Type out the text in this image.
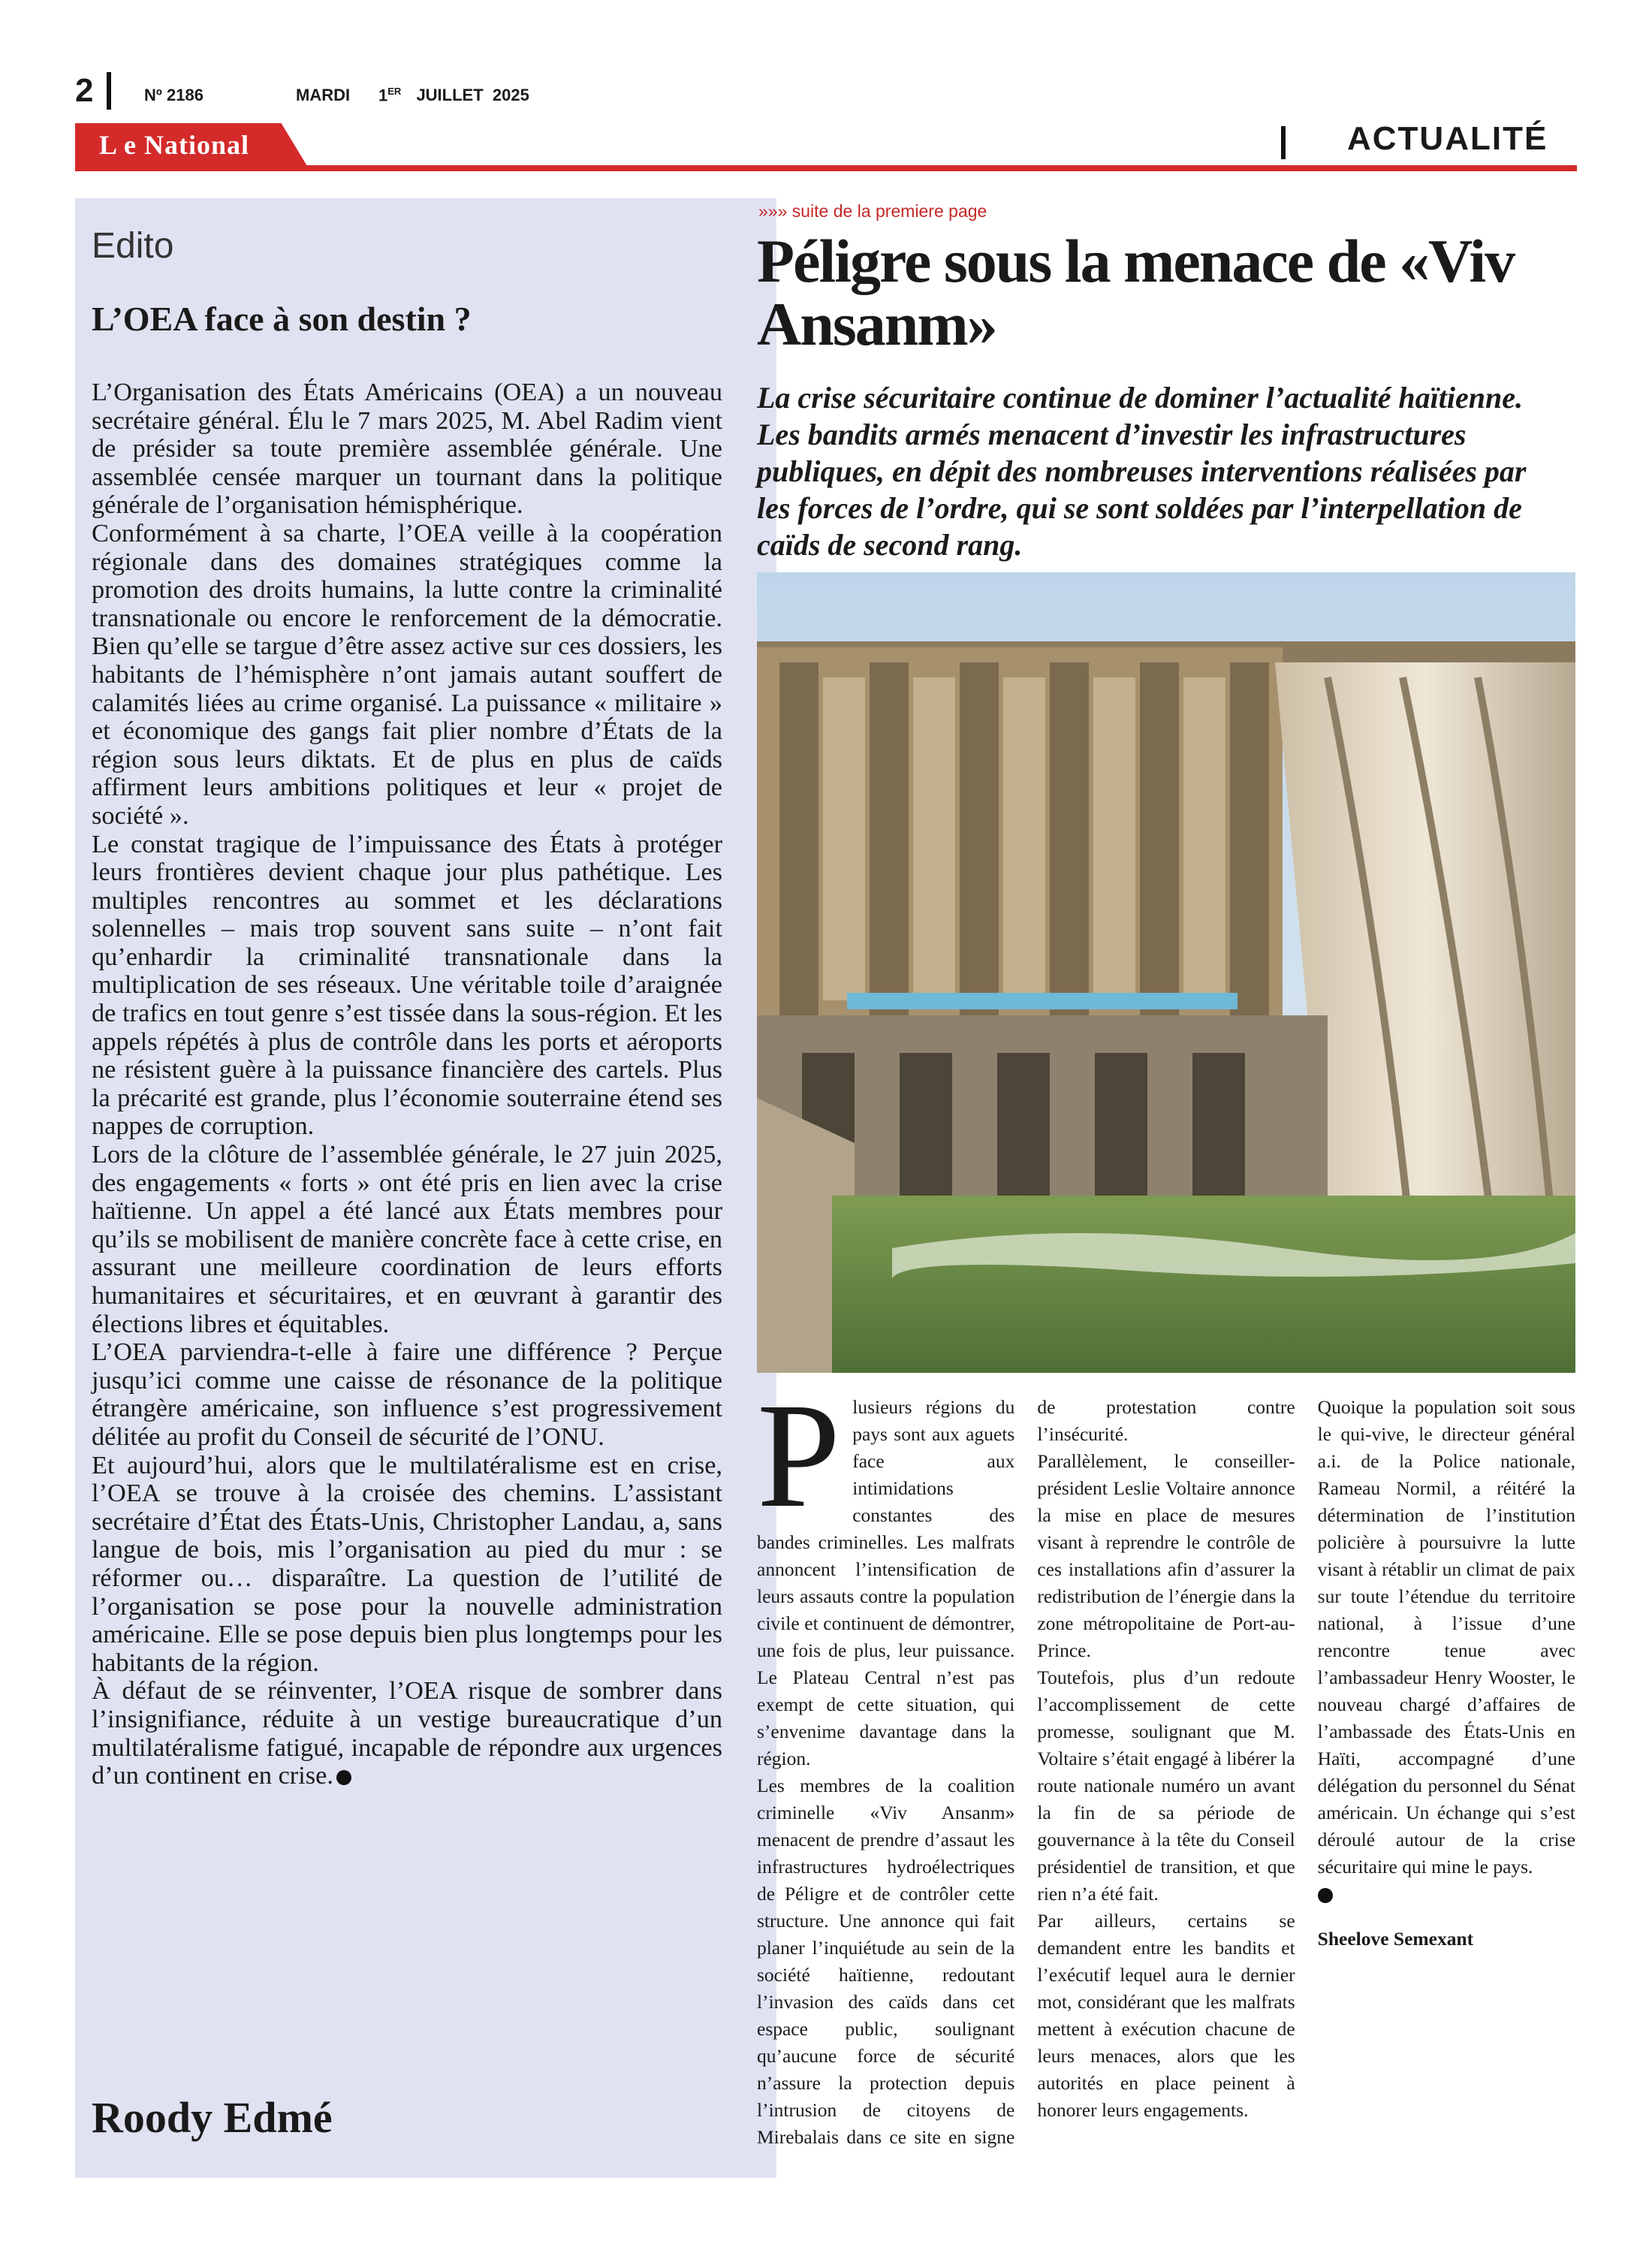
2	Nº 2186	MARDI 1ER JUILLET  2025
L e National	ACTUALITÉ
Edito
L’OEA face à son destin ?

L’Organisation des États Américains (OEA) a un nouveau secrétaire général. Élu le 7 mars 2025, M. Abel Radim vient de présider sa toute première assemblée générale. Une assemblée censée marquer un tournant dans la politique générale de l’organisation hémisphérique.

Conformément à sa charte, l’OEA veille à la coopération régionale dans des domaines stratégiques comme la promotion des droits humains, la lutte contre la criminalité transnationale ou encore le renforcement de la démocratie. Bien qu’elle se targue d’être assez active sur ces dossiers, les habitants de l’hémisphère n’ont jamais autant souffert de calamités liées au crime organisé. La puissance « militaire » et économique des gangs fait plier nombre d’États de la région sous leurs diktats. Et de plus en plus de caïds affirment leurs ambitions politiques et leur « projet de société ».

Le constat tragique de l’impuissance des États à protéger leurs frontières devient chaque jour plus pathétique. Les multiples rencontres au sommet et les déclarations solennelles – mais trop souvent sans suite – n’ont fait qu’enhardir la criminalité transnationale dans la multiplication de ses réseaux. Une véritable toile d’araignée de trafics en tout genre s’est tissée dans la sous-région. Et les appels répétés à plus de contrôle dans les ports et aéroports ne résistent guère à la puissance financière des cartels. Plus la précarité est grande, plus l’économie souterraine étend ses nappes de corruption.

Lors de la clôture de l’assemblée générale, le 27 juin 2025, des engagements « forts » ont été pris en lien avec la crise haïtienne. Un appel a été lancé aux États membres pour qu’ils se mobilisent de manière concrète face à cette crise, en assurant une meilleure coordination de leurs efforts humanitaires et sécuritaires, et en œuvrant à garantir des élections libres et équitables.

L’OEA parviendra-t-elle à faire une différence ? Perçue jusqu’ici comme une caisse de résonance de la politique étrangère américaine, son influence s’est progressivement délitée au profit du Conseil de sécurité de l’ONU.

Et aujourd’hui, alors que le multilatéralisme est en crise, l’OEA se trouve à la croisée des chemins. L’assistant secrétaire d’État des États-Unis, Christopher Landau, a, sans langue de bois, mis l’organisation au pied du mur : se réformer ou… disparaître. La question de l’utilité de l’organisation se pose pour la nouvelle administration américaine. Elle se pose depuis bien plus longtemps pour les habitants de la région.

À défaut de se réinventer, l’OEA risque de sombrer dans l’insignifiance, réduite à un vestige bureaucratique d’un multilatéralisme fatigué, incapable de répondre aux urgences d’un continent en crise.

Roody Edmé
»»» suite de la premiere page
Péligre sous la menace de «Viv Ansanm»
La crise sécuritaire continue de dominer l’actualité haïtienne. Les bandits armés menacent d’investir les infrastructures publiques, en dépit des nombreuses interventions réalisées par les forces de l’ordre, qui se sont soldées par l’interpellation de caïds de second rang.

Plusieurs régions du pays sont aux aguets face aux intimidations constantes des bandes criminelles. Les malfrats annoncent l’intensification de leurs assauts contre la population civile et continuent de démontrer, une fois de plus, leur puissance. Le Plateau Central n’est pas exempt de cette situation, qui s’envenime davantage dans la région.

Les membres de la coalition criminelle «Viv Ansanm» menacent de prendre d’assaut les infrastructures hydroélectriques de Péligre et de contrôler cette structure. Une annonce qui fait planer l’inquiétude au sein de la société haïtienne, redoutant l’invasion des caïds dans cet espace public, soulignant qu’aucune force de sécurité n’assure la protection depuis l’intrusion de citoyens de Mirebalais dans ce site en signe de protestation contre l’insécurité.

Parallèlement, le conseiller-président Leslie Voltaire annonce la mise en place de mesures visant à reprendre le contrôle de ces installations afin d’assurer la redistribution de l’énergie dans la zone métropolitaine de Port-au-Prince.

Toutefois, plus d’un redoute l’accomplissement de cette promesse, soulignant que M. Voltaire s’était engagé à libérer la route nationale numéro un avant la fin de sa période de gouvernance à la tête du Conseil présidentiel de transition, et que rien n’a été fait.

Par ailleurs, certains se demandent entre les bandits et l’exécutif lequel aura le dernier mot, considérant que les malfrats mettent à exécution chacune de leurs menaces, alors que les autorités en place peinent à honorer leurs engagements.

Quoique la population soit sous le qui-vive, le directeur général a.i. de la Police nationale, Rameau Normil, a réitéré la détermination de l’institution policière à poursuivre la lutte visant à rétablir un climat de paix sur toute l’étendue du territoire national, à l’issue d’une rencontre tenue avec l’ambassadeur Henry Wooster, le nouveau chargé d’affaires de l’ambassade des États-Unis en Haïti, accompagné d’une délégation du personnel du Sénat américain. Un échange qui s’est déroulé autour de la crise sécuritaire qui mine le pays.

Sheelove Semexant
